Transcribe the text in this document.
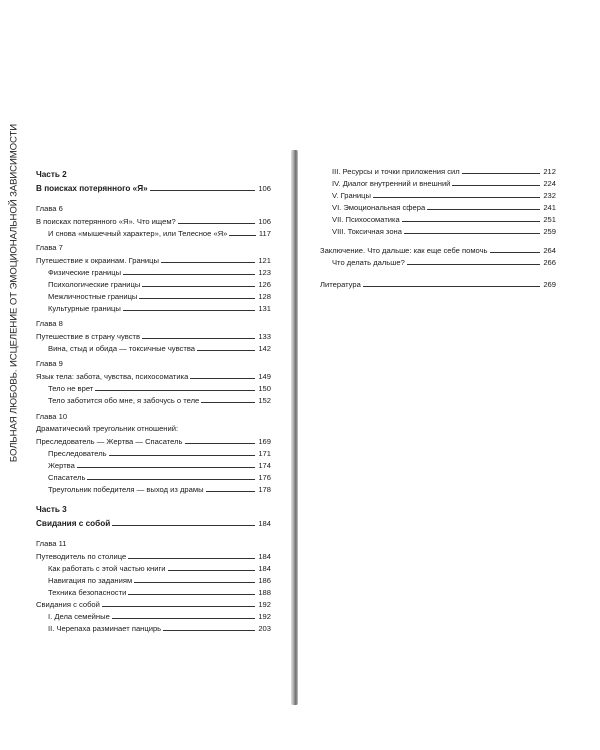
БОЛЬНАЯ ЛЮБОВЬ. ИСЦЕЛЕНИЕ ОТ ЭМОЦИОНАЛЬНОЙ ЗАВИСИМОСТИ Часть 2
В поисках потерянного «Я»	106
Глава 6
В поисках потерянного «Я». Что ищем?	106
И снова «мышечный характер», или Телесное «Я»	117
Глава 7
Путешествие к окраинам. Границы	121
Физические границы	123
Психологические границы	126
Межличностные границы	128
Культурные границы	131
Глава 8
Путешествие в страну чувств	133
Вина, стыд и обида — токсичные чувства	142
Глава 9
Язык тела: забота, чувства, психосоматика	149
Тело не врет	150
Тело заботится обо мне, я забочусь о теле	152
Глава 10
Драматический треугольник отношений:
Преследователь — Жертва — Спасатель	169
Преследователь	171
Жертва	174
Спасатель	176
Треугольник победителя — выход из драмы	178
Часть 3
Свидания с собой	184
Глава 11
Путеводитель по столице	184
Как работать с этой частью книги	184
Навигация по заданиям	186
Техника безопасности	188
Свидания с собой	192
I. Дела семейные	192
II. Черепаха разминает панцирь	203
III. Ресурсы и точки приложения сил	212
IV. Диалог внутренний и внешний	224
V. Границы	232
VI. Эмоциональная сфера	241
VII. Психосоматика	251
VIII. Токсичная зона	259
Заключение. Что дальше: как еще себе помочь	264
Что делать дальше?	266
Литература	269
